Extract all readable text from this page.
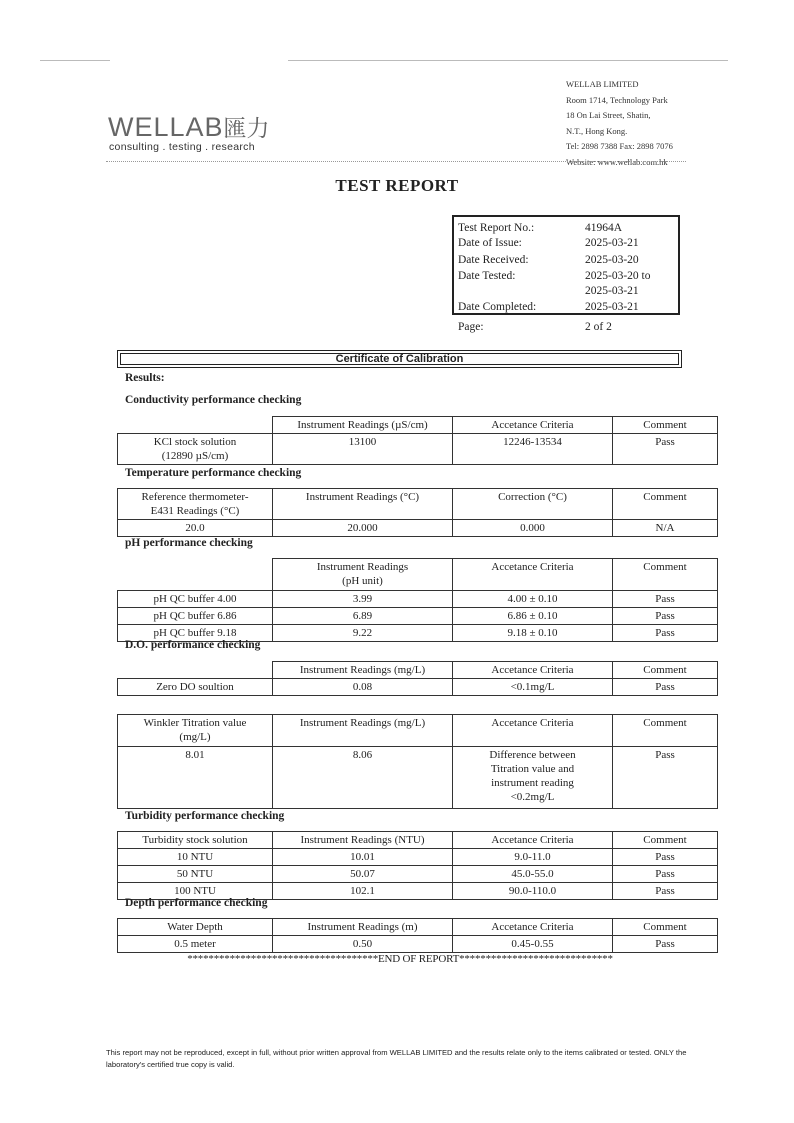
WELLAB匯力
consulting . testing . research
WELLAB LIMITED
Room 1714, Technology Park
18 On Lai Street, Shatin,
N.T., Hong Kong.
Tel: 2898 7388 Fax: 2898 7076
Website: www.wellab.com.hk
TEST REPORT
Test Report No.:	41964A
Date of Issue:	2025-03-21
Date Received:	2025-03-20
Date Tested:	2025-03-20 to
2025-03-21
Date Completed:	2025-03-21
Page:	2 of 2
Certificate of Calibration
Results:
Conductivity performance checking
	Instrument Readings (µS/cm)	Accetance Criteria	Comment
KCl stock solution
(12890 µS/cm)	13100	12246-13534	Pass
Temperature performance checking
Reference thermometer-
E431 Readings (°C)	Instrument Readings (°C)	Correction (°C)	Comment
20.0	20.000	0.000	N/A
pH performance checking
	Instrument Readings
(pH unit)	Accetance Criteria	Comment
pH QC buffer 4.00	3.99	4.00 ± 0.10	Pass
pH QC buffer 6.86	6.89	6.86 ± 0.10	Pass
pH QC buffer 9.18	9.22	9.18 ± 0.10	Pass
D.O. performance checking
	Instrument Readings (mg/L)	Accetance Criteria	Comment
Zero DO soultion	0.08	<0.1mg/L	Pass
Winkler Titration value
(mg/L)	Instrument Readings (mg/L)	Accetance Criteria	Comment
8.01	8.06	Difference between
Titration value and
instrument reading
<0.2mg/L	Pass
Turbidity performance checking
Turbidity stock solution	Instrument Readings (NTU)	Accetance Criteria	Comment
10 NTU	10.01	9.0-11.0	Pass
50 NTU	50.07	45.0-55.0	Pass
100 NTU	102.1	90.0-110.0	Pass
Depth performance checking
Water Depth	Instrument Readings (m)	Accetance Criteria	Comment
0.5 meter	0.50	0.45-0.55	Pass
************************************END OF REPORT*****************************
This report may not be reproduced, except in full, without prior written approval from WELLAB LIMITED and the results relate only to the items calibrated or tested. ONLY the laboratory's certified true copy is valid.
